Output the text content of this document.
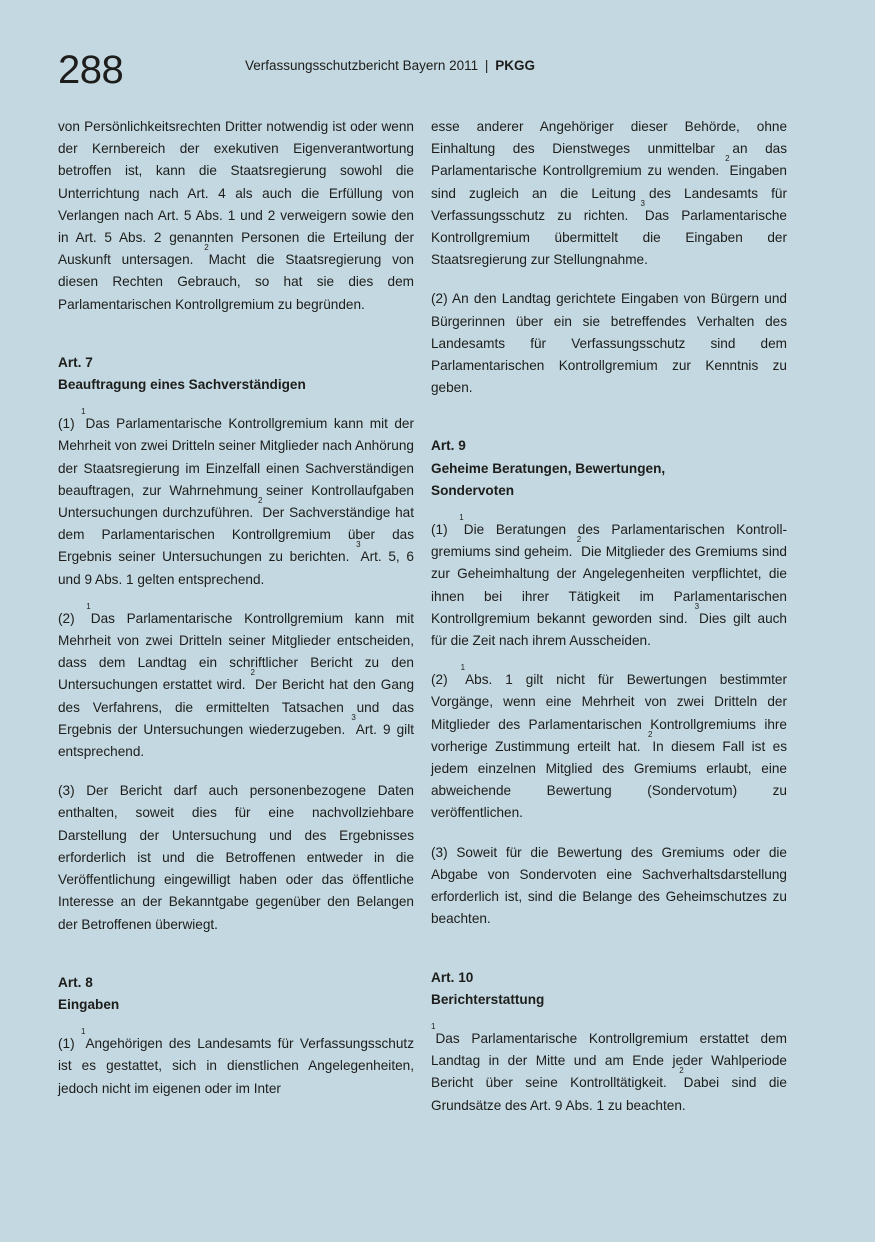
288	Verfassungsschutzbericht Bayern 2011 | PKGG

von Persönlichkeitsrechten Dritter notwendig ist oder wenn der Kernbereich der exekutiven Eigenverantwortung betroffen ist, kann die Staatsregierung sowohl die Unterrichtung nach Art. 4 als auch die Erfüllung von Verlangen nach Art. 5 Abs. 1 und 2 verweigern sowie den in Art. 5 Abs. 2 genannten Personen die Erteilung der Auskunft untersagen. $^2$Macht die Staatsregierung von diesen Rechten Gebrauch, so hat sie dies dem Parlamentarischen Kontrollgremium zu begründen.

Art. 7
Beauftragung eines Sachverständigen

(1) $^1$Das Parlamentarische Kontrollgremium kann mit der Mehrheit von zwei Dritteln seiner Mitglieder nach Anhörung der Staatsregierung im Einzelfall einen Sachverständigen beauftragen, zur Wahrnehmung seiner Kontrollaufgaben Untersuchungen durchzuführen. $^2$Der Sachverständige hat dem Parlamentarischen Kontrollgremium über das Ergebnis seiner Untersuchungen zu berichten. $^3$Art. 5, 6 und 9 Abs. 1 gelten entsprechend.

(2) $^1$Das Parlamentarische Kontrollgremium kann mit Mehrheit von zwei Dritteln seiner Mitglieder entscheiden, dass dem Landtag ein schriftlicher Bericht zu den Untersuchungen erstattet wird. $^2$Der Bericht hat den Gang des Verfahrens, die ermittelten Tatsachen und das Ergebnis der Untersuchungen wiederzugeben. $^3$Art. 9 gilt entsprechend.

(3) Der Bericht darf auch personenbezogene Daten enthalten, soweit dies für eine nachvollziehbare Darstellung der Untersuchung und des Ergebnisses erforderlich ist und die Betroffenen entweder in die Veröffentlichung eingewilligt haben oder das öffentliche Interesse an der Bekanntgabe gegenüber den Belangen der Betroffenen überwiegt.

Art. 8
Eingaben

(1) $^1$Angehörigen des Landesamts für Verfassungsschutz ist es gestattet, sich in dienstlichen Angelegenheiten, jedoch nicht im eigenen oder im Inter

esse anderer Angehöriger dieser Behörde, ohne Einhaltung des Dienstweges unmittelbar an das Parlamentarische Kontrollgremium zu wenden. $^2$Eingaben sind zugleich an die Leitung des Landesamts für Verfassungsschutz zu richten. $^3$Das Parlamentarische Kontrollgremium übermittelt die Eingaben der Staatsregierung zur Stellungnahme.

(2) An den Landtag gerichtete Eingaben von Bürgern und Bürgerinnen über ein sie betreffendes Verhalten des Landesamts für Verfassungsschutz sind dem Parlamentarischen Kontrollgremium zur Kenntnis zu geben.

Art. 9
Geheime Beratungen, Bewertungen,
Sondervoten

(1) $^1$Die Beratungen des Parlamentarischen Kontrollgremiums sind geheim. $^2$Die Mitglieder des Gremiums sind zur Geheimhaltung der Angelegenheiten verpflichtet, die ihnen bei ihrer Tätigkeit im Parlamentarischen Kontrollgremium bekannt geworden sind. $^3$Dies gilt auch für die Zeit nach ihrem Ausscheiden.

(2) $^1$Abs. 1 gilt nicht für Bewertungen bestimmter Vorgänge, wenn eine Mehrheit von zwei Dritteln der Mitglieder des Parlamentarischen Kontrollgremiums ihre vorherige Zustimmung erteilt hat. $^2$In diesem Fall ist es jedem einzelnen Mitglied des Gremiums erlaubt, eine abweichende Bewertung (Sondervotum) zu veröffentlichen.

(3) Soweit für die Bewertung des Gremiums oder die Abgabe von Sondervoten eine Sachverhaltsdarstellung erforderlich ist, sind die Belange des Geheimschutzes zu beachten.

Art. 10
Berichterstattung

$^1$Das Parlamentarische Kontrollgremium erstattet dem Landtag in der Mitte und am Ende jeder Wahlperiode Bericht über seine Kontrolltätigkeit. $^2$Dabei sind die Grundsätze des Art. 9 Abs. 1 zu beachten.
